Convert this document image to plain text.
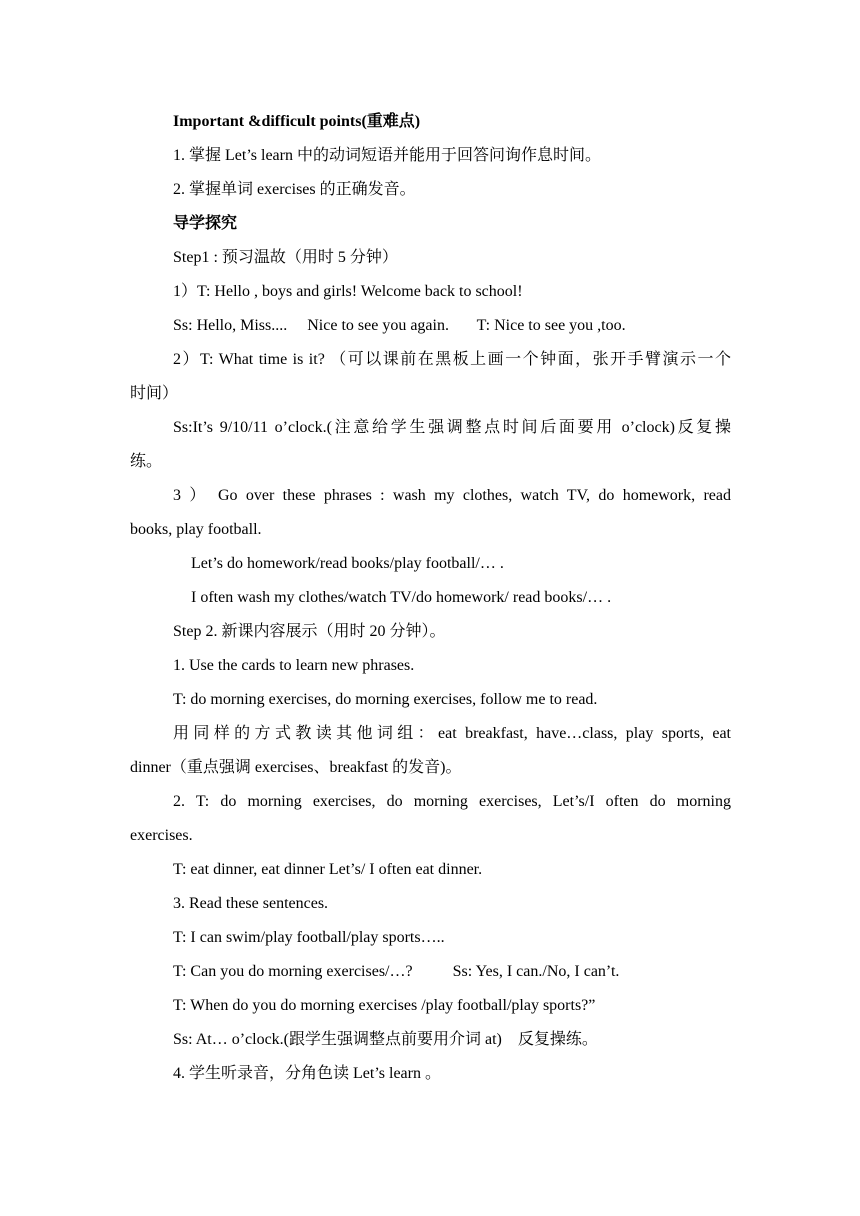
Important &difficult points(重难点)
1. 掌握 Let’s learn 中的动词短语并能用于回答问询作息时间。
2. 掌握单词 exercises 的正确发音。
导学探究
Step1 : 预习温故（用时 5 分钟）
1）T: Hello , boys and girls! Welcome back to school!
Ss: Hello, Miss....     Nice to see you again.       T: Nice to see you ,too.
2）T: What time is it? （可以课前在黑板上画一个钟面，张开手臂演示一个
时间）
Ss:It’s 9/10/11 o’clock.(注意给学生强调整点时间后面要用 o’clock)反复操
练。
3 ） Go over these phrases : wash my clothes, watch TV, do homework, read
books, play football.
Let’s do homework/read books/play football/… .
I often wash my clothes/watch TV/do homework/ read books/… .
Step 2. 新课内容展示（用时 20 分钟）。
1. Use the cards to learn new phrases.
T: do morning exercises, do morning exercises, follow me to read.
用同样的方式教读其他词组：eat breakfast, have…class, play sports, eat
dinner（重点强调 exercises、breakfast 的发音)。
2. T: do morning exercises, do morning exercises, Let’s/I often do morning
exercises.
T: eat dinner, eat dinner Let’s/ I often eat dinner.
3. Read these sentences.
T: I can swim/play football/play sports…..
T: Can you do morning exercises/…?          Ss: Yes, I can./No, I can’t.
T: When do you do morning exercises /play football/play sports?”
Ss: At… o’clock.(跟学生强调整点前要用介词 at)    反复操练。
4. 学生听录音，分角色读 Let’s learn 。
